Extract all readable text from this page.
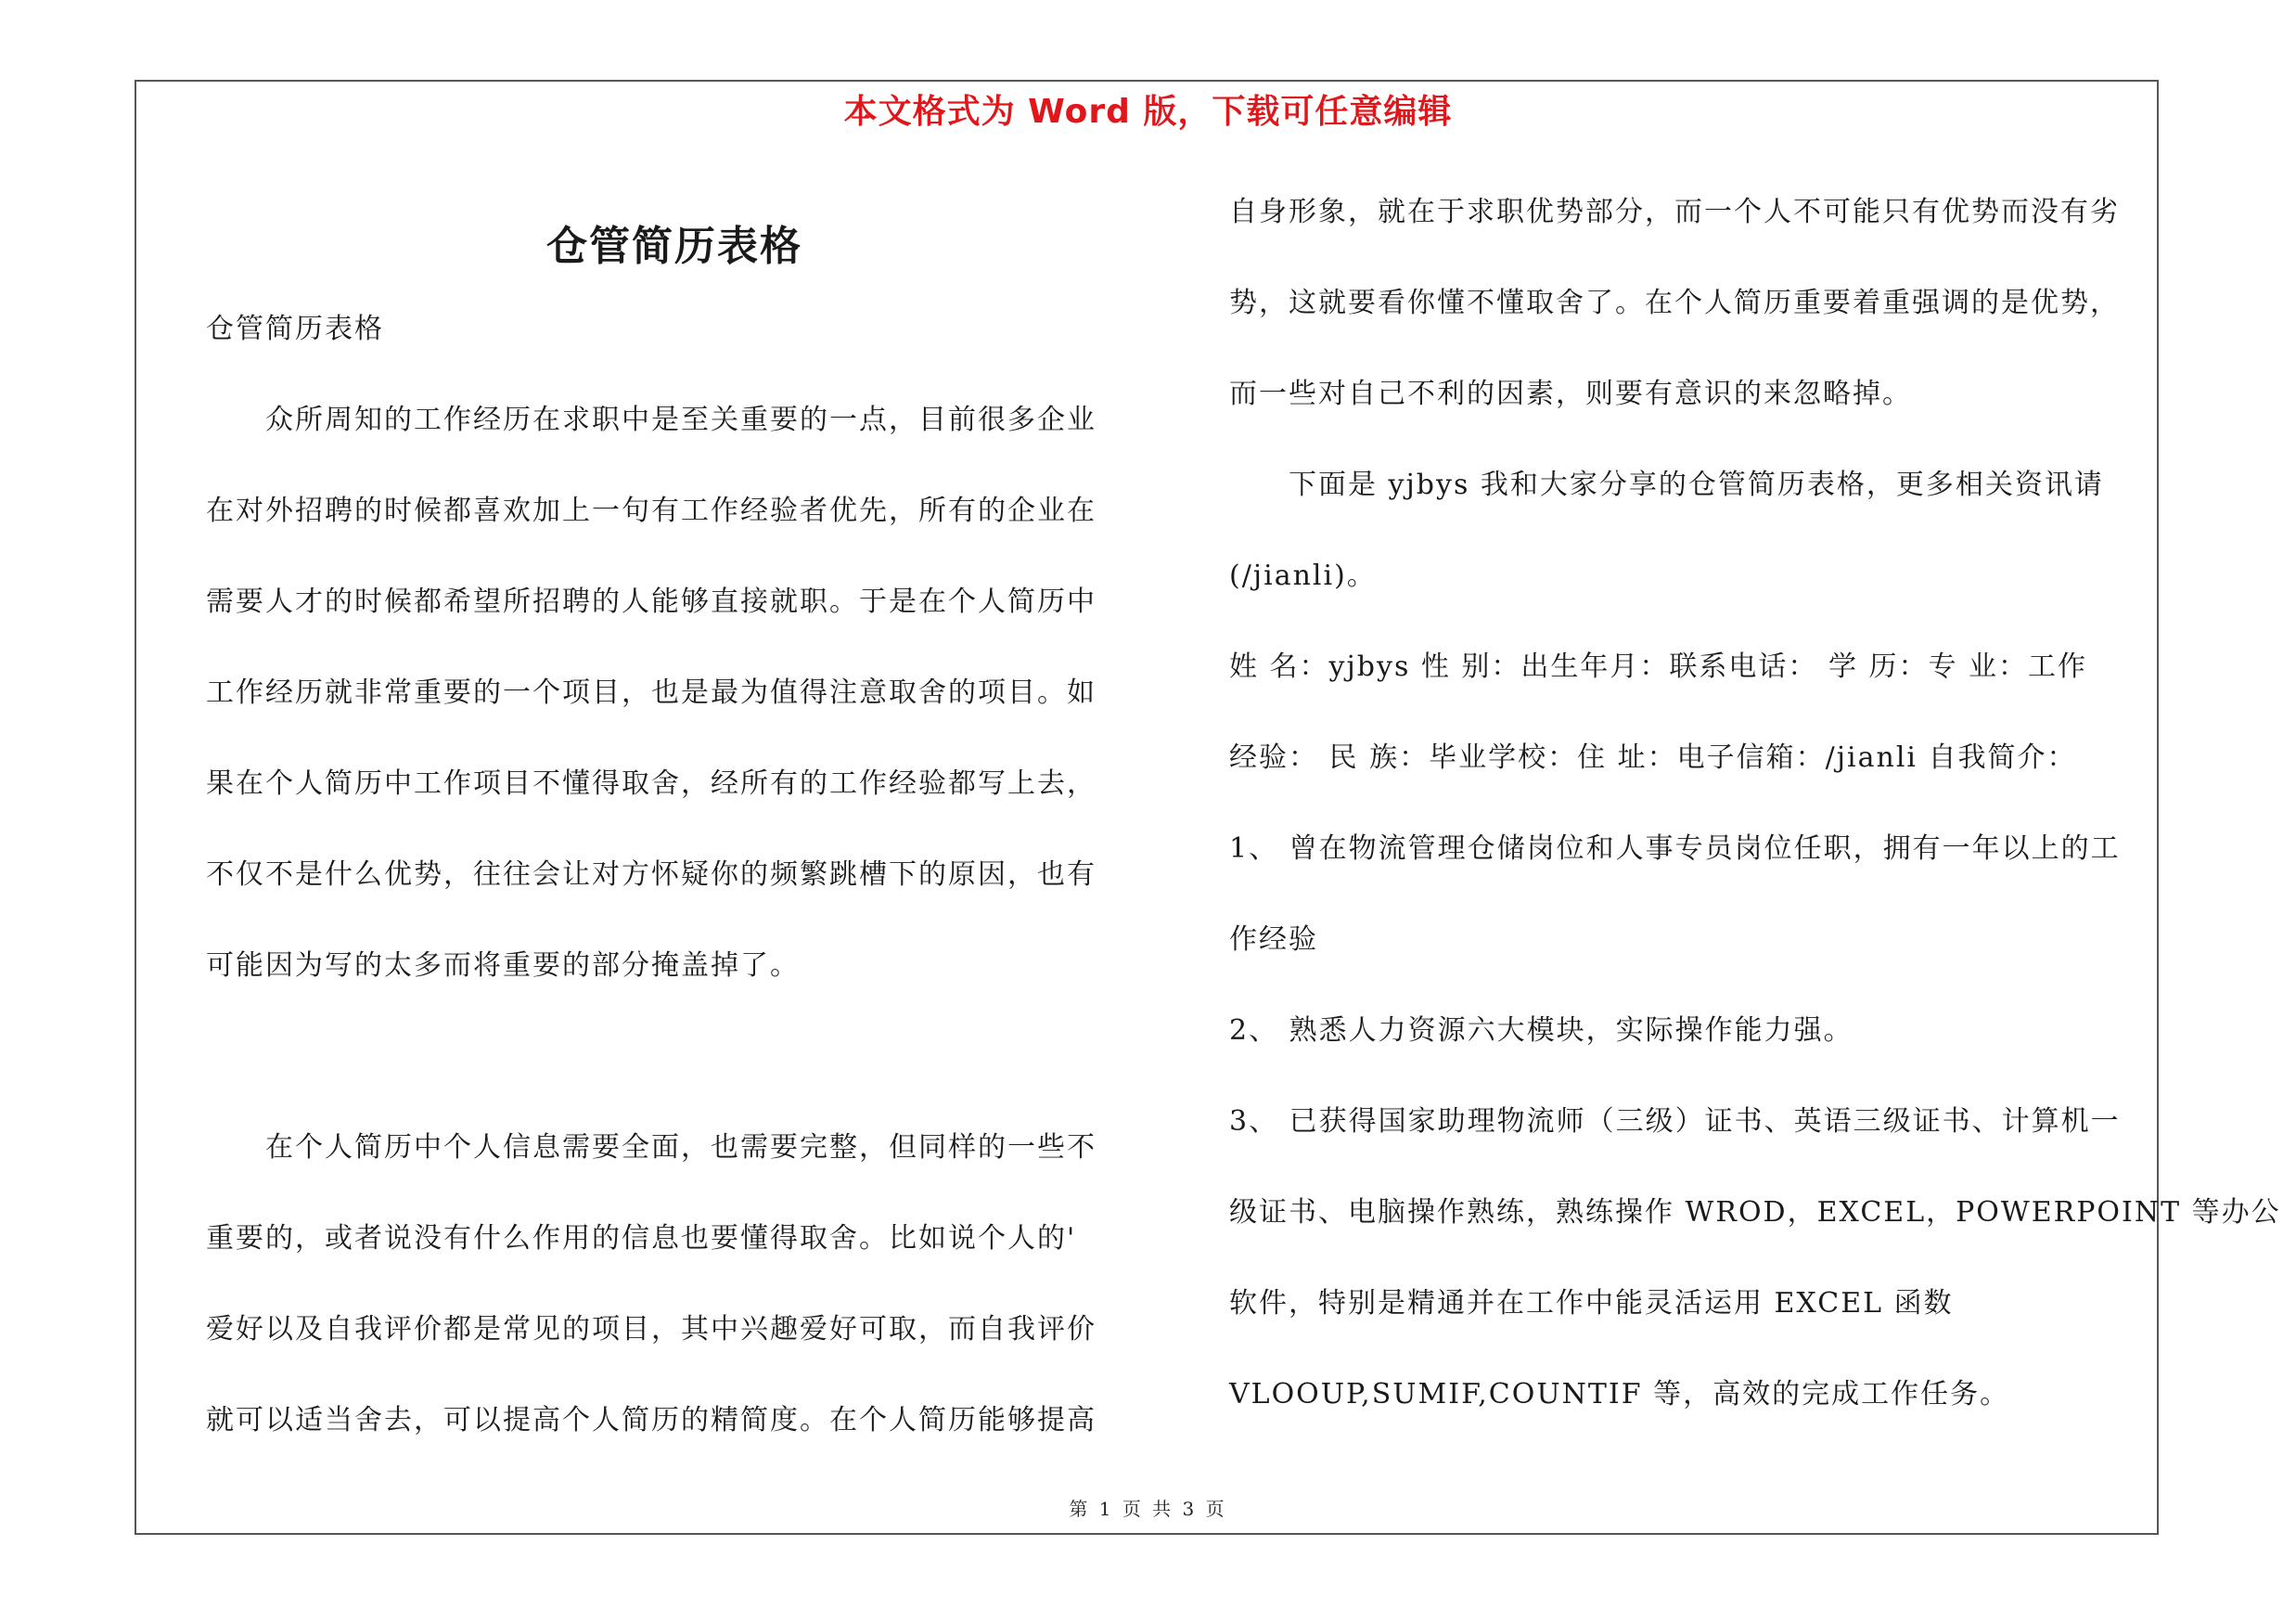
本文格式为 Word 版，下载可任意编辑
仓管简历表格
仓管简历表格
众所周知的工作经历在求职中是至关重要的一点，目前很多企业
在对外招聘的时候都喜欢加上一句有工作经验者优先，所有的企业在
需要人才的时候都希望所招聘的人能够直接就职。于是在个人简历中
工作经历就非常重要的一个项目，也是最为值得注意取舍的项目。如
果在个人简历中工作项目不懂得取舍，经所有的工作经验都写上去，
不仅不是什么优势，往往会让对方怀疑你的频繁跳槽下的原因，也有
可能因为写的太多而将重要的部分掩盖掉了。
在个人简历中个人信息需要全面，也需要完整，但同样的一些不
重要的，或者说没有什么作用的信息也要懂得取舍。比如说个人的'
爱好以及自我评价都是常见的项目，其中兴趣爱好可取，而自我评价
就可以适当舍去，可以提高个人简历的精简度。在个人简历能够提高
自身形象，就在于求职优势部分，而一个人不可能只有优势而没有劣
势，这就要看你懂不懂取舍了。在个人简历重要着重强调的是优势，
而一些对自己不利的因素，则要有意识的来忽略掉。
下面是 yjbys 我和大家分享的仓管简历表格，更多相关资讯请
(/jianli)。
姓 名：yjbys 性 别：出生年月：联系电话： 学 历：专 业：工作
经验： 民 族：毕业学校：住 址：电子信箱：/jianli 自我简介：
1、 曾在物流管理仓储岗位和人事专员岗位任职，拥有一年以上的工
作经验
2、 熟悉人力资源六大模块，实际操作能力强。
3、 已获得国家助理物流师（三级）证书、英语三级证书、计算机一
级证书、电脑操作熟练，熟练操作 WROD，EXCEL，POWERPOINT 等办公
软件，特别是精通并在工作中能灵活运用 EXCEL 函数
VLOOUP,SUMIF,COUNTIF 等，高效的完成工作任务。
第 1 页 共 3 页
